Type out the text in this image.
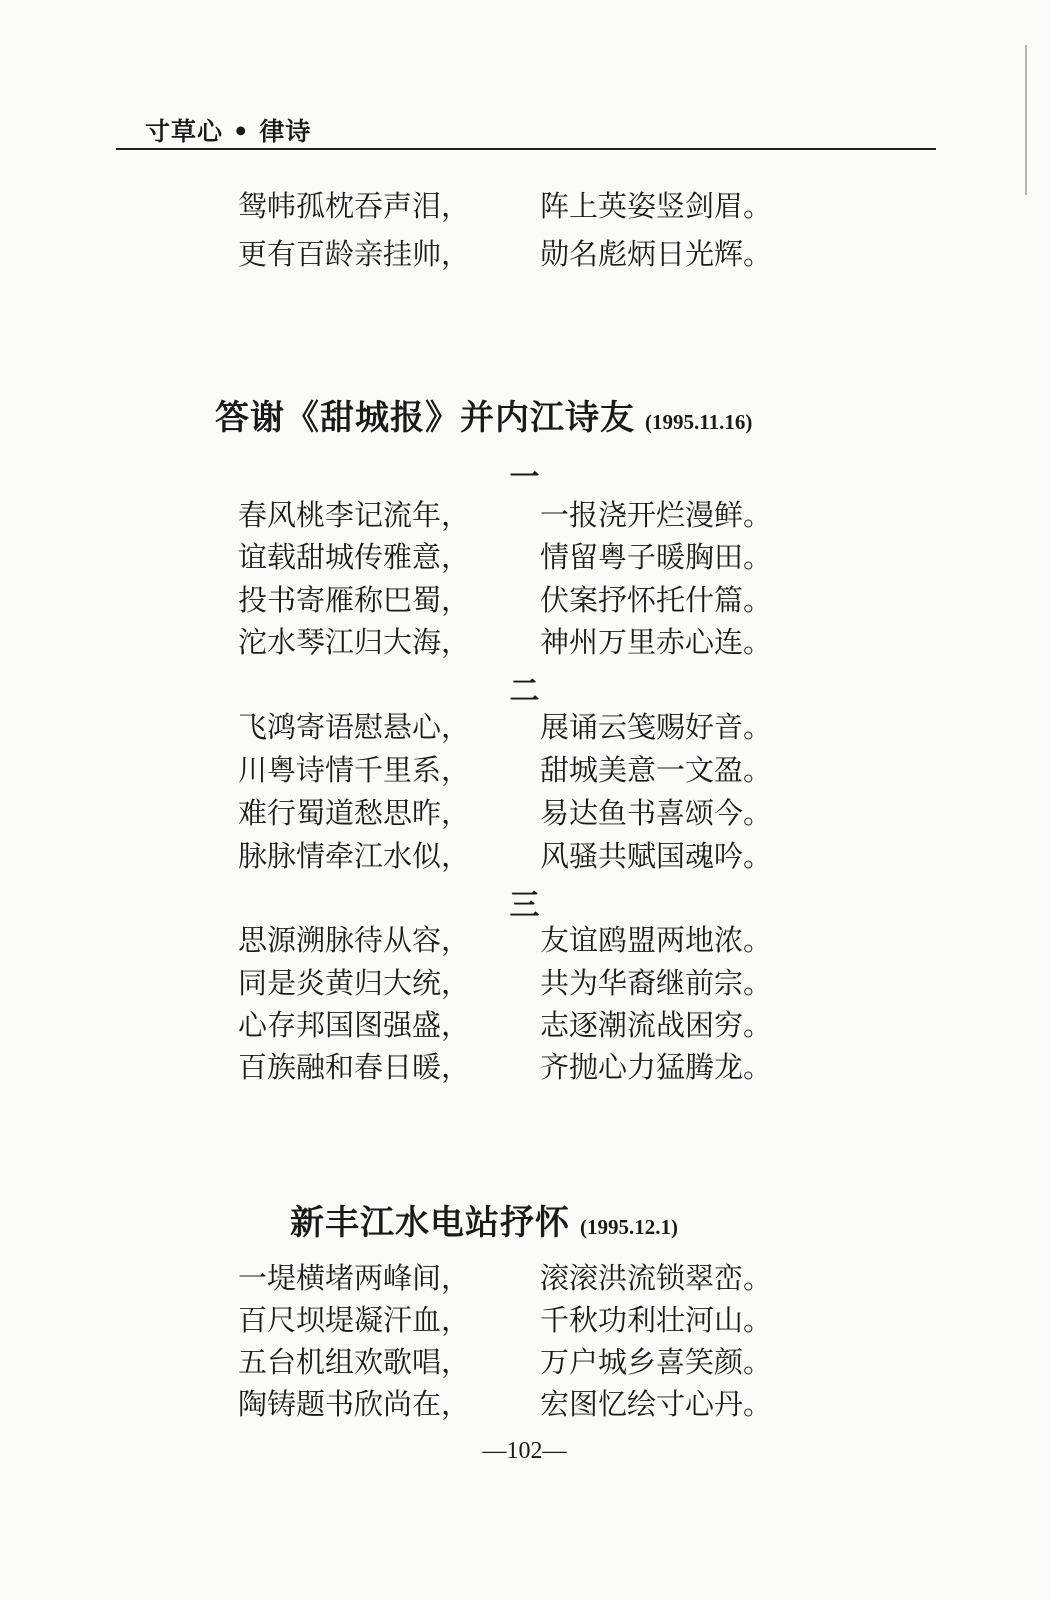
寸草心 • 律诗
鸳帏孤枕吞声泪， 阵上英姿竖剑眉。
更有百龄亲挂帅， 勋名彪炳日光辉。
答谢《甜城报》并内江诗友 (1995.11.16)
一
春风桃李记流年， 一报浇开烂漫鲜。
谊载甜城传雅意， 情留粤子暖胸田。
投书寄雁称巴蜀， 伏案抒怀托什篇。
沱水琴江归大海， 神州万里赤心连。
二
飞鸿寄语慰悬心， 展诵云笺赐好音。
川粤诗情千里系， 甜城美意一文盈。
难行蜀道愁思昨， 易达鱼书喜颂今。
脉脉情牵江水似， 风骚共赋国魂吟。
三
思源溯脉待从容， 友谊鸥盟两地浓。
同是炎黄归大统， 共为华裔继前宗。
心存邦国图强盛， 志逐潮流战困穷。
百族融和春日暖， 齐抛心力猛腾龙。
新丰江水电站抒怀 (1995.12.1)
一堤横堵两峰间， 滚滚洪流锁翠峦。
百尺坝堤凝汗血， 千秋功利壮河山。
五台机组欢歌唱， 万户城乡喜笑颜。
陶铸题书欣尚在， 宏图忆绘寸心丹。
—102—
